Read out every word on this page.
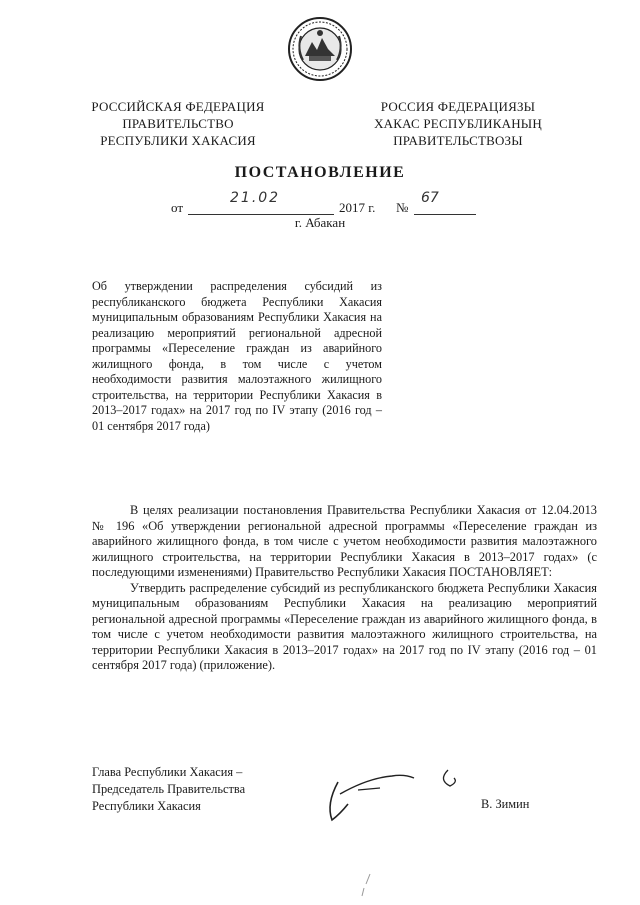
РОССИЙСКАЯ ФЕДЕРАЦИЯ
ПРАВИТЕЛЬСТВО
РЕСПУБЛИКИ ХАКАСИЯ
РОССИЯ ФЕДЕРАЦИЯЗЫ
ХАКАС РЕСПУБЛИКАНЫҢ
ПРАВИТЕЛЬСТВОЗЫ
ПОСТАНОВЛЕНИЕ
от
21.02
2017 г. №
67
г. Абакан
Об утверждении распределения субсидий из республиканского бюджета Республики Хакасия муниципальным образованиям Республики Хакасия на реализацию мероприятий региональной адресной программы «Переселение граждан из аварийного жилищного фонда, в том числе с учетом необходимости развития малоэтажного жилищного строительства, на территории Республики Хакасия в 2013–2017 годах» на 2017 год по IV этапу (2016 год – 01 сентября 2017 года)

В целях реализации постановления Правительства Республики Хакасия от 12.04.2013 № 196 «Об утверждении региональной адресной программы «Переселение граждан из аварийного жилищного фонда, в том числе с учетом необходимости развития малоэтажного жилищного строительства, на территории Республики Хакасия в 2013–2017 годах» (с последующими изменениями) Правительство Республики Хакасия ПОСТАНОВЛЯЕТ:

Утвердить распределение субсидий из республиканского бюджета Республики Хакасия муниципальным образованиям Республики Хакасия на реализацию мероприятий региональной адресной программы «Переселение граждан из аварийного жилищного фонда, в том числе с учетом необходимости развития малоэтажного жилищного строительства, на территории Республики Хакасия в 2013–2017 годах» на 2017 год по IV этапу (2016 год – 01 сентября 2017 года) (приложение).

Глава Республики Хакасия –
Председатель Правительства
Республики Хакасия	В. Зимин
